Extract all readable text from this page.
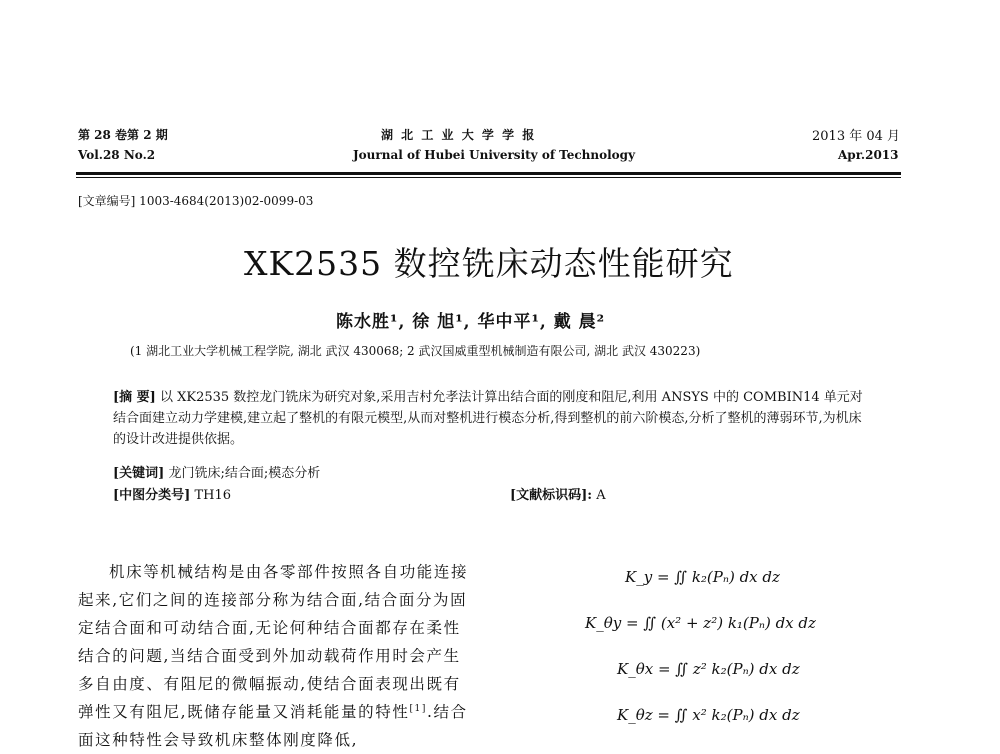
第 28 卷第 2 期
Vol.28 No.2
湖 北 工 业 大 学 学 报
Journal of Hubei University of Technology
2013 年 04 月
Apr.2013
[文章编号] 1003-4684(2013)02-0099-03
XK2535 数控铣床动态性能研究
陈水胜¹, 徐 旭¹, 华中平¹, 戴 晨²
(1 湖北工业大学机械工程学院, 湖北 武汉 430068; 2 武汉国威重型机械制造有限公司, 湖北 武汉 430223)
[摘 要] 以 XK2535 数控龙门铣床为研究对象,采用吉村允孝法计算出结合面的刚度和阻尼,利用 ANSYS 中的 COMBIN14 单元对结合面建立动力学建模,建立起了整机的有限元模型,从而对整机进行模态分析,得到整机的前六阶模态,分析了整机的薄弱环节,为机床的设计改进提供依据。
[关键词] 龙门铣床;结合面;模态分析
[中图分类号] TH16	[文献标识码]: A
机床等机械结构是由各零部件按照各自功能连接起来,它们之间的连接部分称为结合面,结合面分为固定结合面和可动结合面,无论何种结合面都存在柔性结合的问题,当结合面受到外加动载荷作用时会产生多自由度、有阻尼的微幅振动,使结合面表现出既有弹性又有阻尼,既储存能量又消耗能量的特性[1].结合面这种特性会导致机床整体刚度降低,
K_y = ∬ k₂(Pₙ) dx dz
K_θy = ∬ (x² + z²) k₁(Pₙ) dx dz
K_θx = ∬ z² k₂(Pₙ) dx dz
K_θz = ∬ x² k₂(Pₙ) dx dz
